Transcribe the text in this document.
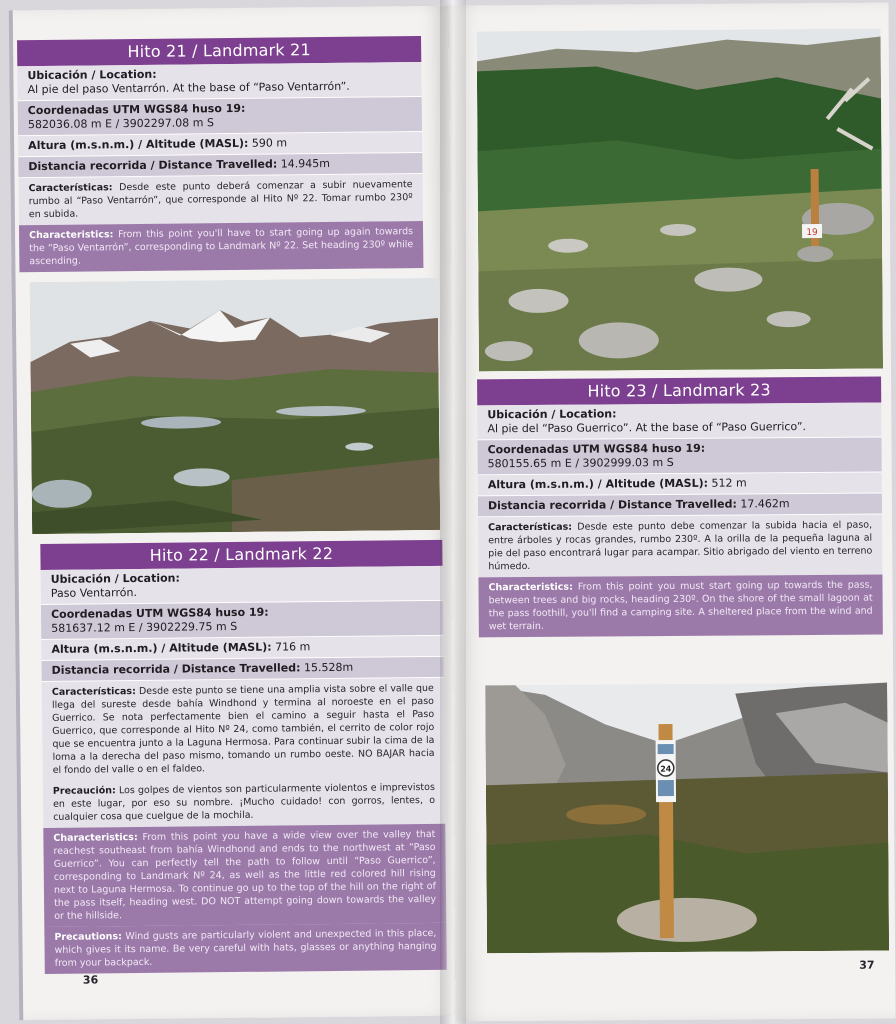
Hito 21 / Landmark 21
Ubicación / Location:
Al pie del paso Ventarrón. At the base of “Paso Ventarrón”.
Coordenadas UTM WGS84 huso 19:
582036.08 m E / 3902297.08 m S
Altura (m.s.n.m.) / Altitude (MASL): 590 m
Distancia recorrida / Distance Travelled: 14.945m
Características: Desde este punto deberá comenzar a subir nuevamente rumbo al “Paso Ventarrón”, que corresponde al Hito Nº 22. Tomar rumbo 230º en subida.
Characteristics: From this point you'll have to start going up again towards the “Paso Ventarrón”, corresponding to Landmark Nº 22. Set heading 230º while ascending.
Hito 22 / Landmark 22
Ubicación / Location:
Paso Ventarrón.
Coordenadas UTM WGS84 huso 19:
581637.12 m E / 3902229.75 m S
Altura (m.s.n.m.) / Altitude (MASL): 716 m
Distancia recorrida / Distance Travelled: 15.528m
Características: Desde este punto se tiene una amplia vista sobre el valle que llega del sureste desde bahía Windhond y termina al noroeste en el paso Guerrico. Se nota perfectamente bien el camino a seguir hasta el Paso Guerrico, que corresponde al Hito Nº 24, como también, el cerrito de color rojo que se encuentra junto a la Laguna Hermosa. Para continuar subir la cima de la loma a la derecha del paso mismo, tomando un rumbo oeste. NO BAJAR hacia el fondo del valle o en el faldeo.
Precaución: Los golpes de vientos son particularmente violentos e imprevistos en este lugar, por eso su nombre. ¡Mucho cuidado! con gorros, lentes, o cualquier cosa que cuelgue de la mochila.
Characteristics: From this point you have a wide view over the valley that reachest southeast from bahía Windhond and ends to the northwest at “Paso Guerrico”. You can perfectly tell the path to follow until “Paso Guerrico”, corresponding to Landmark Nº 24, as well as the little red colored hill rising next to Laguna Hermosa. To continue go up to the top of the hill on the right of the pass itself, heading west. DO NOT attempt going down towards the valley or the hillside.
Precautions: Wind gusts are particularly violent and unexpected in this place, which gives it its name. Be very careful with hats, glasses or anything hanging from your backpack.
36
19
Hito 23 / Landmark 23
Ubicación / Location:
Al pie del “Paso Guerrico”. At the base of “Paso Guerrico”.
Coordenadas UTM WGS84 huso 19:
580155.65 m E / 3902999.03 m S
Altura (m.s.n.m.) / Altitude (MASL): 512 m
Distancia recorrida / Distance Travelled: 17.462m
Características: Desde este punto debe comenzar la subida hacia el paso, entre árboles y rocas grandes, rumbo 230º. A la orilla de la pequeña laguna al pie del paso encontrará lugar para acampar. Sitio abrigado del viento en terreno húmedo.
Characteristics: From this point you must start going up towards the pass, between trees and big rocks, heading 230º. On the shore of the small lagoon at the pass foothill, you'll find a camping site. A sheltered place from the wind and wet terrain.
24
37
